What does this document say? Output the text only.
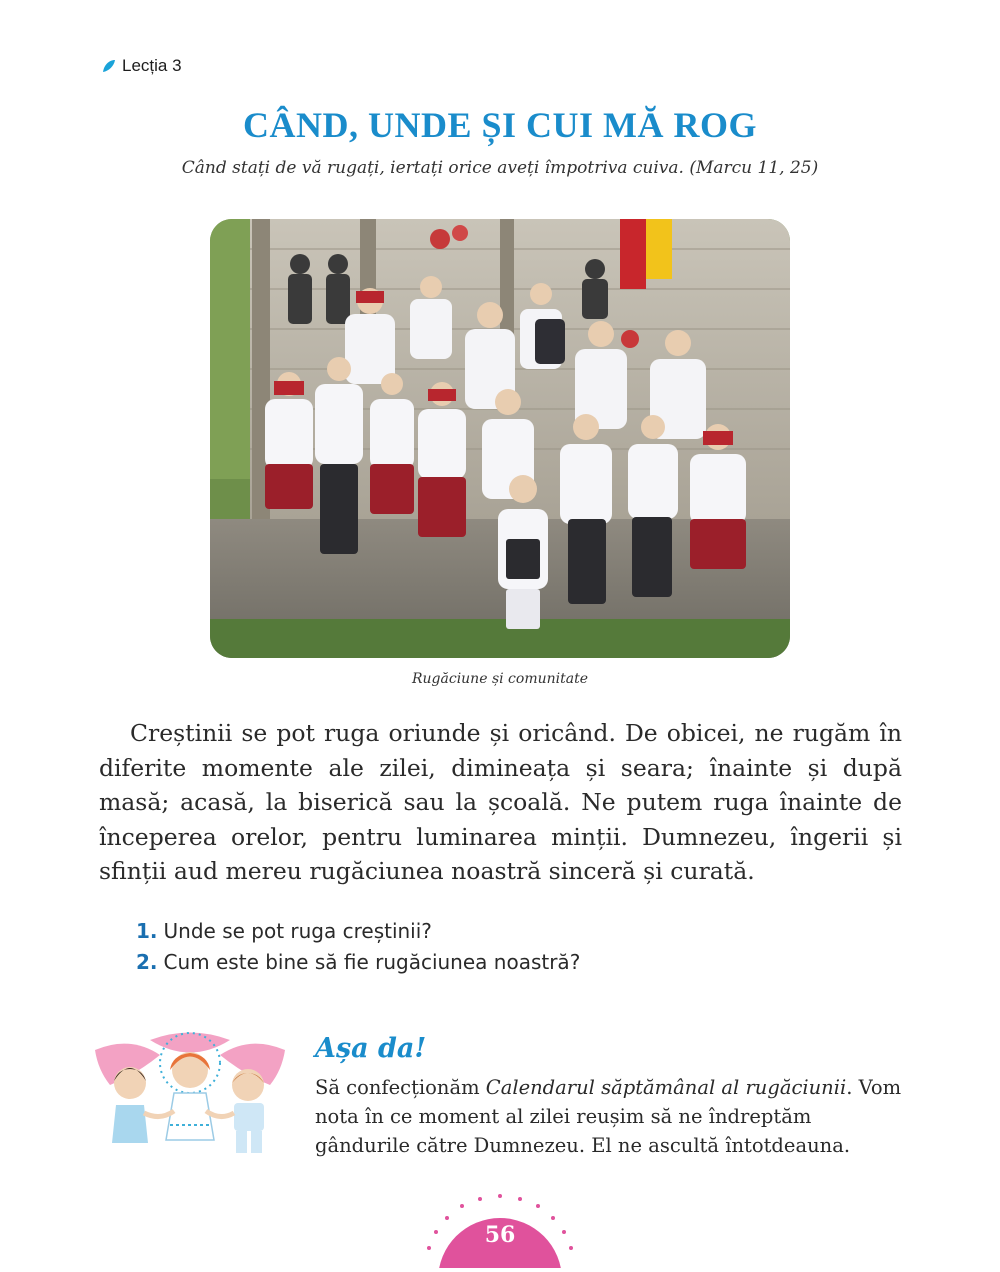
Lecția 3
CÂND, UNDE ȘI CUI MĂ ROG
Când stați de vă rugați, iertați orice aveți împotriva cuiva. (Marcu 11, 25)
Rugăciune și comunitate

Creștinii se pot ruga oriunde și oricând. De obicei, ne rugăm în diferite momente ale zilei, dimineața și seara; înainte și după masă; acasă, la biserică sau la școală. Ne putem ruga înainte de începerea orelor, pentru luminarea minții. Dumnezeu, îngerii și sfinții aud mereu rugăciunea noastră sinceră și curată.

1. Unde se pot ruga creștinii?
2. Cum este bine să fie rugăciunea noastră?
Așa da!

Să confecționăm Calendarul săptămânal al rugăciunii. Vom nota în ce moment al zilei reușim să ne îndreptăm gândurile către Dumnezeu. El ne ascultă întotdeauna.

56
